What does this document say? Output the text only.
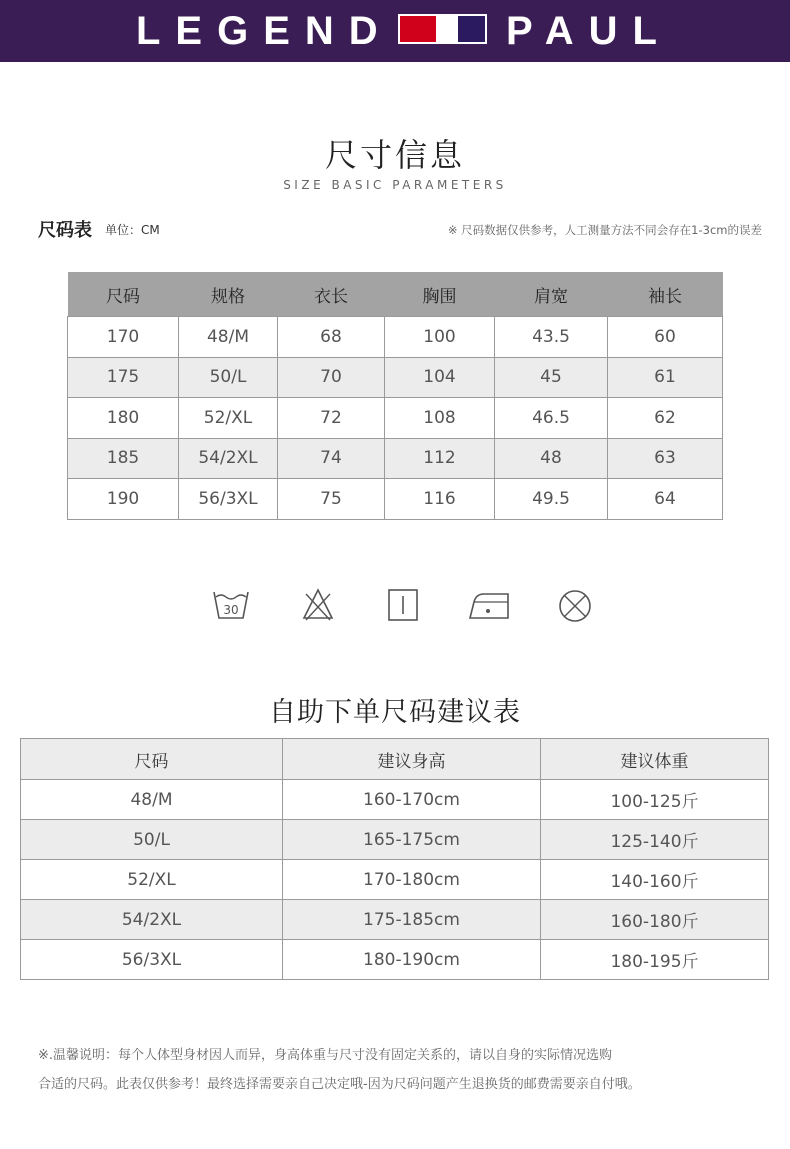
LEGEND	PAUL
尺寸信息
SIZE BASIC PARAMETERS
尺码表 单位：CM	※ 尺码数据仅供参考，人工测量方法不同会存在1-3cm的误差
尺码	规格	衣长	胸围	肩宽	袖长
170	48/M	68	100	43.5	60
175	50/L	70	104	45	61
180	52/XL	72	108	46.5	62
185	54/2XL	74	112	48	63
190	56/3XL	75	116	49.5	64
30
自助下单尺码建议表
尺码	建议身高	建议体重
48/M	160-170cm	100-125斤
50/L	165-175cm	125-140斤
52/XL	170-180cm	140-160斤
54/2XL	175-185cm	160-180斤
56/3XL	180-190cm	180-195斤
※.温馨说明：每个人体型身材因人而异，身高体重与尺寸没有固定关系的，请以自身的实际情况选购
合适的尺码。此表仅供参考！最终选择需要亲自己决定哦-因为尺码问题产生退换货的邮费需要亲自付哦。
